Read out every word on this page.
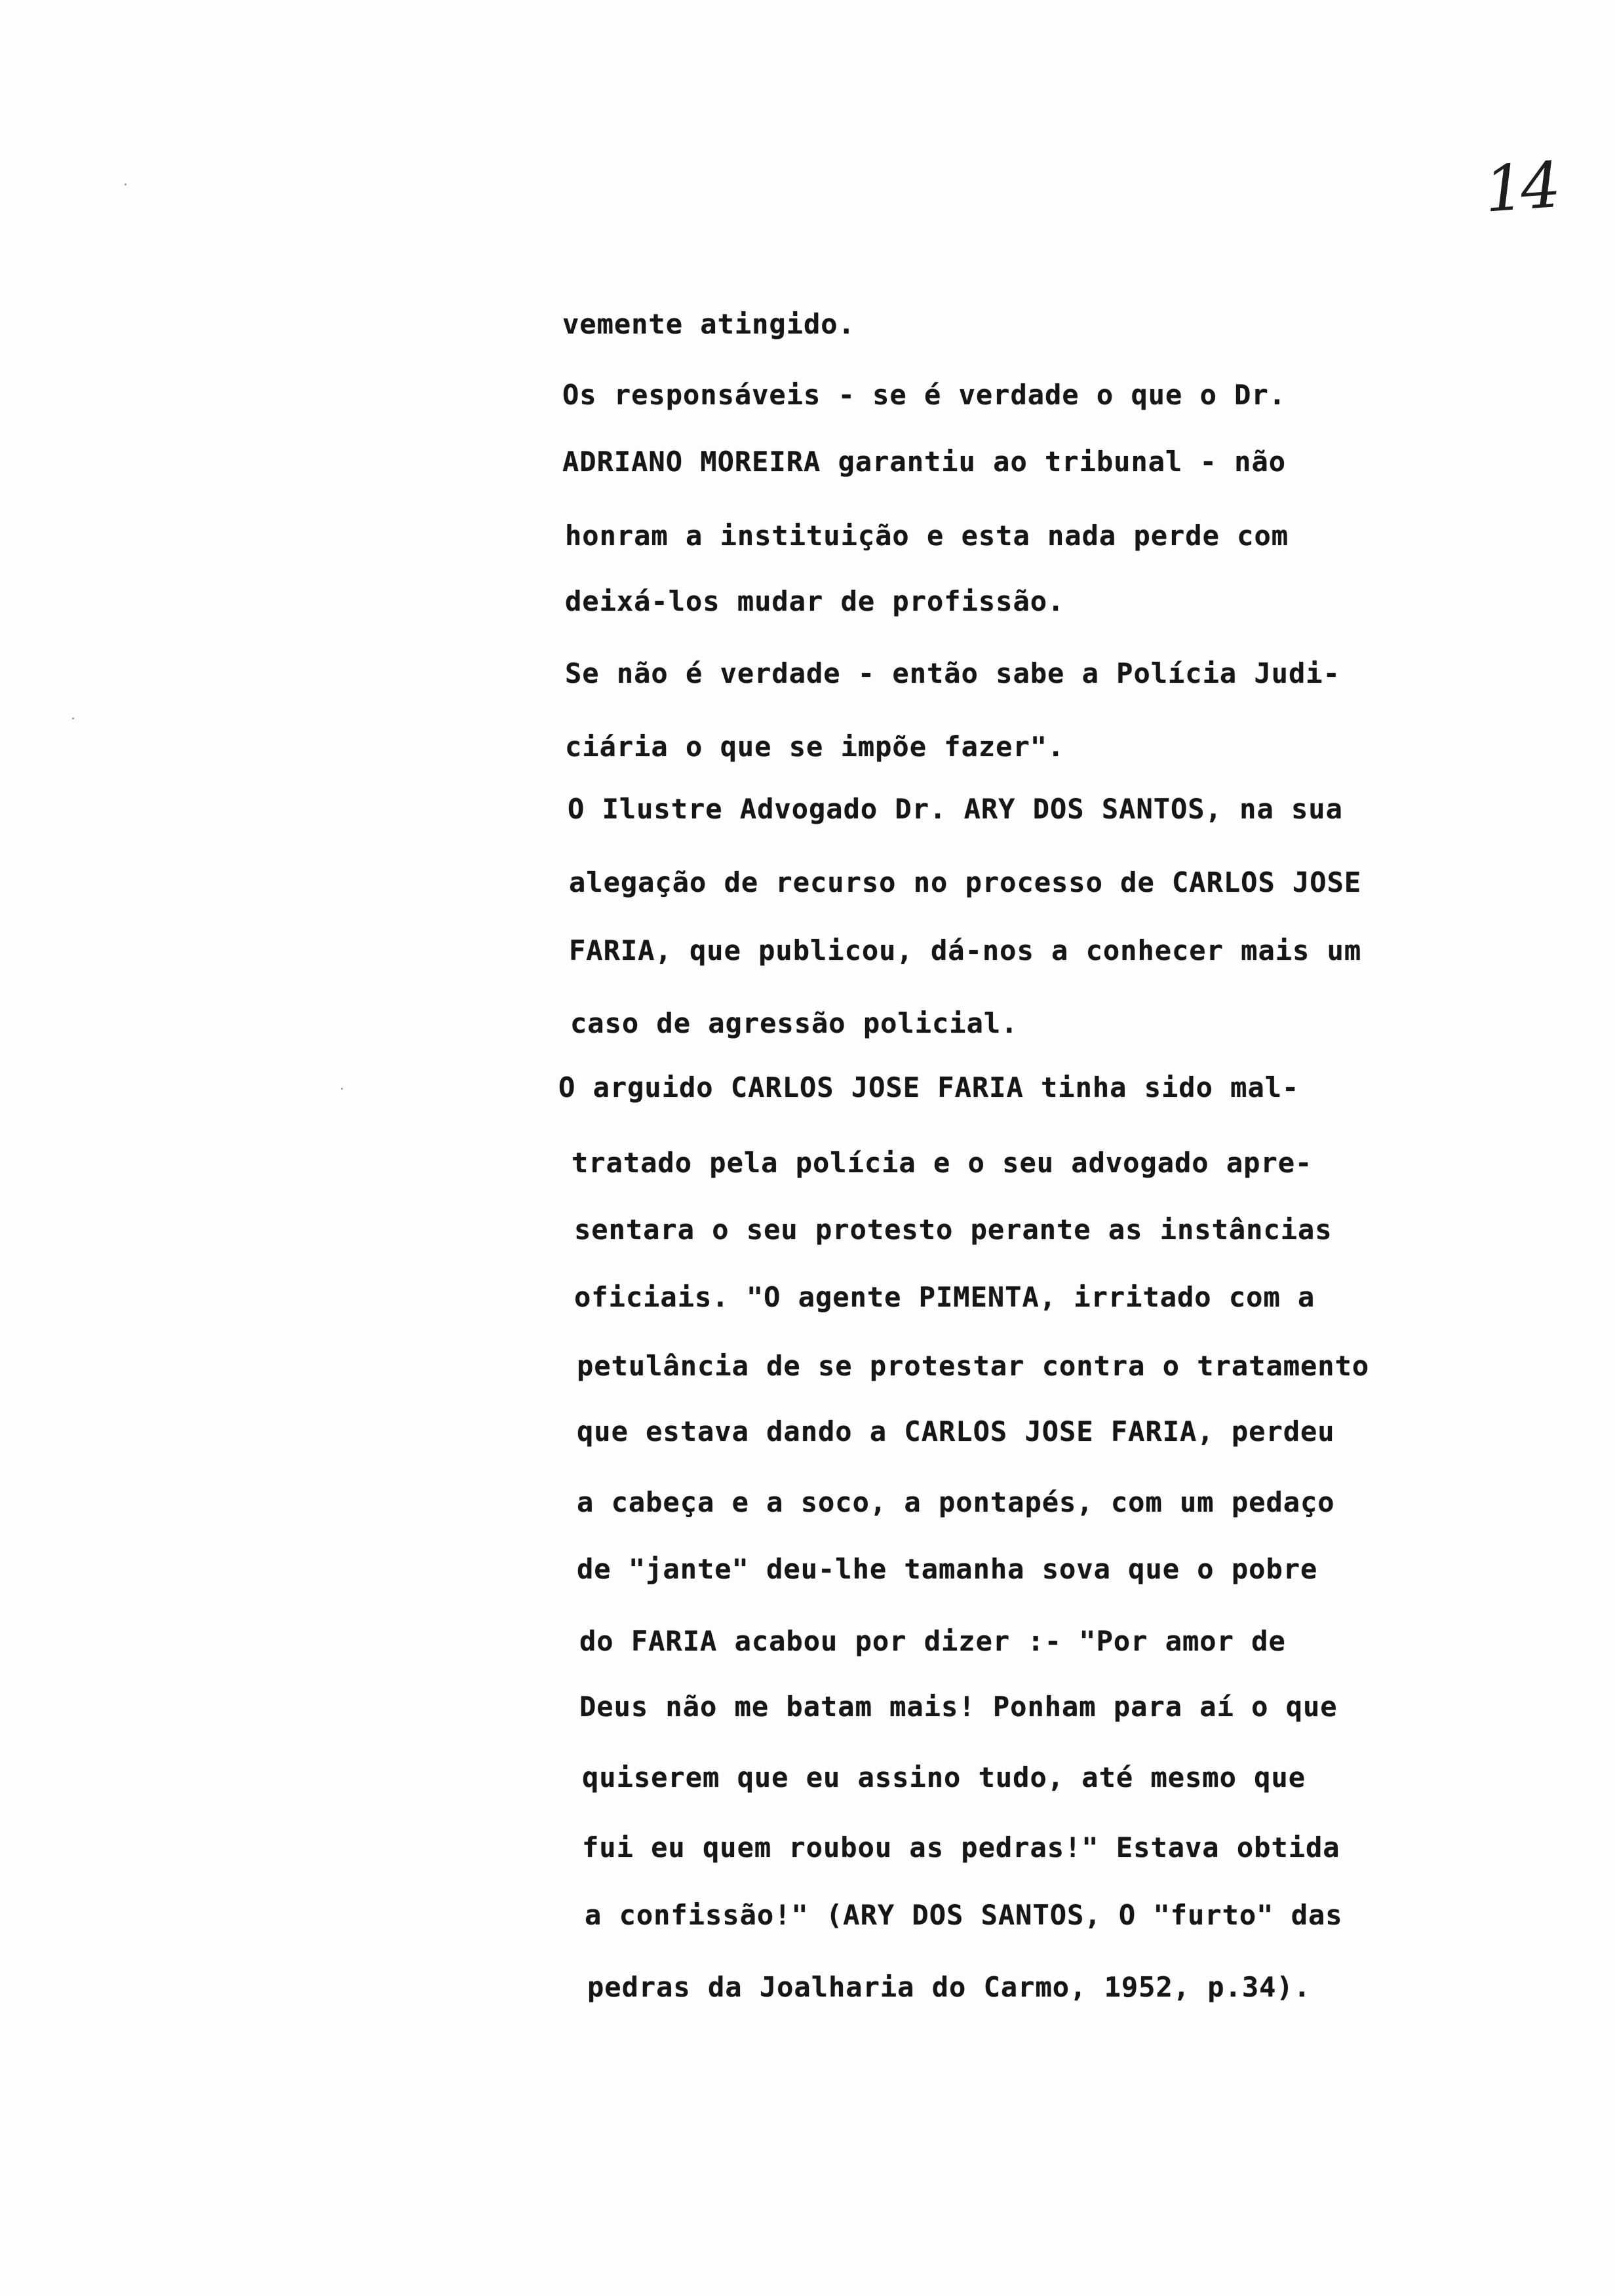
14
vemente atingido.
Os responsáveis - se é verdade o que o Dr.
ADRIANO MOREIRA garantiu ao tribunal - não
honram a instituição e esta nada perde com
deixá-los mudar de profissão.
Se não é verdade - então sabe a Polícia Judi-
ciária o que se impõe fazer".
O Ilustre Advogado Dr. ARY DOS SANTOS, na sua
alegação de recurso no processo de CARLOS JOSE
FARIA, que publicou, dá-nos a conhecer mais um
caso de agressão policial.
O arguido CARLOS JOSE FARIA tinha sido mal-
tratado pela polícia e o seu advogado apre-
sentara o seu protesto perante as instâncias
oficiais. "O agente PIMENTA, irritado com a
petulância de se protestar contra o tratamento
que estava dando a CARLOS JOSE FARIA, perdeu
a cabeça e a soco, a pontapés, com um pedaço
de "jante" deu-lhe tamanha sova que o pobre
do FARIA acabou por dizer :- "Por amor de
Deus não me batam mais! Ponham para aí o que
quiserem que eu assino tudo, até mesmo que
fui eu quem roubou as pedras!" Estava obtida
a confissão!" (ARY DOS SANTOS, O "furto" das
pedras da Joalharia do Carmo, 1952, p.34).
